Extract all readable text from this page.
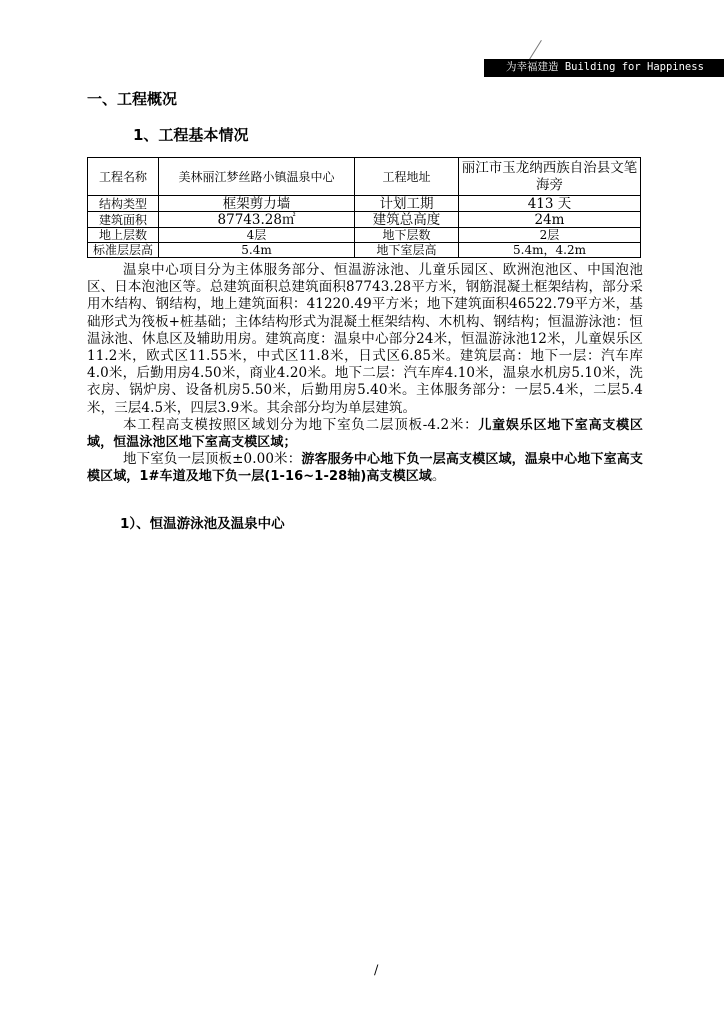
为幸福建造 Building for Happiness
一、工程概况
1、工程基本情况
工程名称	美林丽江梦丝路小镇温泉中心	工程地址	丽江市玉龙纳西族自治县文笔海旁
结构类型	框架剪力墙	计划工期	413 天
建筑面积	87743.28㎡	建筑总高度	24m
地上层数	4层	地下层数	2层
标准层层高	5.4m	地下室层高	5.4m，4.2m

温泉中心项目分为主体服务部分、恒温游泳池、儿童乐园区、欧洲泡池区、中国泡池区、日本泡池区等。总建筑面积总建筑面积87743.28平方米，钢筋混凝土框架结构，部分采用木结构、钢结构，地上建筑面积：41220.49平方米；地下建筑面积46522.79平方米，基础形式为筏板+桩基础；主体结构形式为混凝土框架结构、木机构、钢结构；恒温游泳池：恒温泳池、休息区及辅助用房。建筑高度：温泉中心部分24米，恒温游泳池12米，儿童娱乐区11.2米，欧式区11.55米，中式区11.8米，日式区6.85米。建筑层高：地下一层：汽车库4.0米，后勤用房4.50米，商业4.20米。地下二层：汽车库4.10米，温泉水机房5.10米，洗衣房、锅炉房、设备机房5.50米，后勤用房5.40米。主体服务部分：一层5.4米，二层5.4米，三层4.5米，四层3.9米。其余部分均为单层建筑。

本工程高支模按照区域划分为地下室负二层顶板-4.2米：儿童娱乐区地下室高支模区域，恒温泳池区地下室高支模区域；

地下室负一层顶板±0.00米：游客服务中心地下负一层高支模区域，温泉中心地下室高支模区域，1#车道及地下负一层(1-16~1-28轴)高支模区域。

1）、恒温游泳池及温泉中心
/
